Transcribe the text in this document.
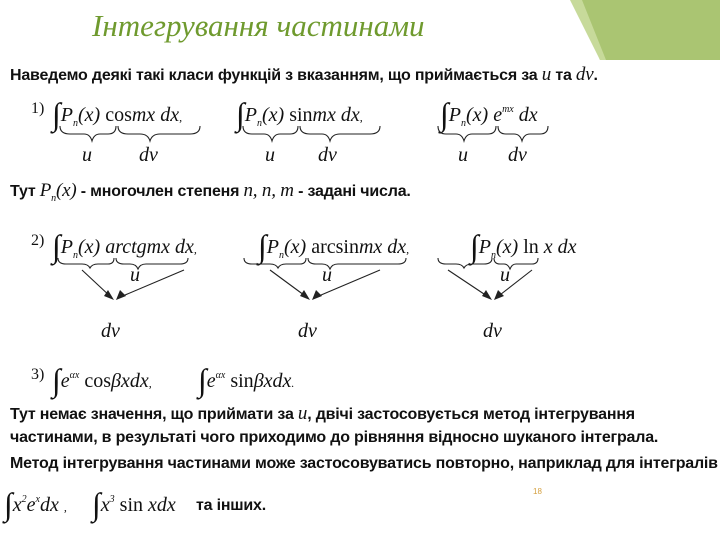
Інтегрування частинами
Наведемо деякі такі класи функцій з вказанням, що приймається за u та dv.
1) $\int P_n(x)$ cosmx dx, $\int P_n(x)$ sinmx dx, $\int P_n(x)$ $e^{mx}$ dx
u dv	u dv	u dv
Тут $P_n(x)$ - многочлен степеня n, n, m - задані числа.
2) $\int P_n(x)$ arctgmx dx, $\int P_n(x)$ arcsinmx dx, $\int P_n(x)$ ln x dx
u	u	u
dv	dv	dv
3) $\int e^{\alpha x}$ cosβxdx, $\int e^{\alpha x}$ sinβxdx.
Тут немає значення, що приймати за u, двічі застосовується метод інтегрування
частинами, в результаті чого приходимо до рівняння відносно шуканого інтеграла.
Метод інтегрування частинами може застосовуватись повторно, наприклад для інтегралів
$\int x^2e^xdx$ , $\int x^3$ sin xdx та інших.
18
